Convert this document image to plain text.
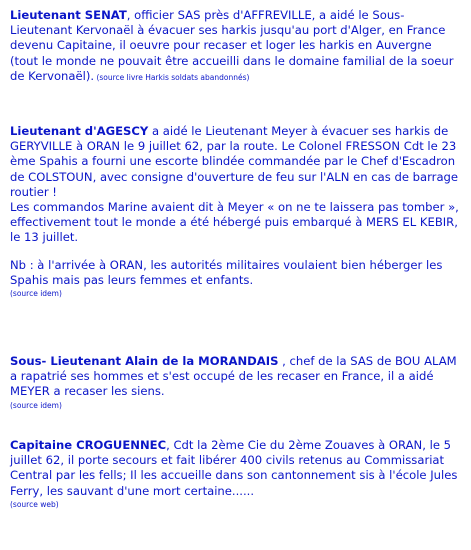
Lieutenant SENAT, officier SAS près d'AFFREVILLE, a aidé le Sous- Lieutenant Kervonaël à évacuer ses harkis jusqu'au port d'Alger, en France devenu Capitaine, il oeuvre pour recaser et loger les harkis en Auvergne (tout le monde ne pouvait être accueilli dans le domaine familial de la soeur de Kervonaël). (source livre Harkis soldats abandonnés)

Lieutenant d'AGESCY a aidé le Lieutenant Meyer à évacuer ses harkis de GERYVILLE à ORAN le 9 juillet 62, par la route. Le Colonel FRESSON Cdt le 23 ème Spahis a fourni une escorte blindée commandée par le Chef d'Escadron de COLSTOUN, avec consigne d'ouverture de feu sur l'ALN en cas de barrage routier !

Les commandos Marine avaient dit à Meyer « on ne te laissera pas tomber », effectivement tout le monde a été hébergé puis embarqué à MERS EL KEBIR, le 13 juillet.

Nb : à l'arrivée à ORAN, les autorités militaires voulaient bien héberger les Spahis mais pas leurs femmes et enfants.

(source idem)

Sous- Lieutenant Alain de la MORANDAIS , chef de la SAS de BOU ALAM a rapatrié ses hommes et s'est occupé de les recaser en France, il a aidé MEYER a recaser les siens.

(source idem)

Capitaine CROGUENNEC, Cdt la 2ème Cie du 2ème Zouaves à ORAN, le 5 juillet 62, il porte secours et fait libérer 400 civils retenus au Commissariat Central par les fells; Il les accueille dans son cantonnement sis à l'école Jules Ferry, les sauvant d'une mort certaine......

(source web)
